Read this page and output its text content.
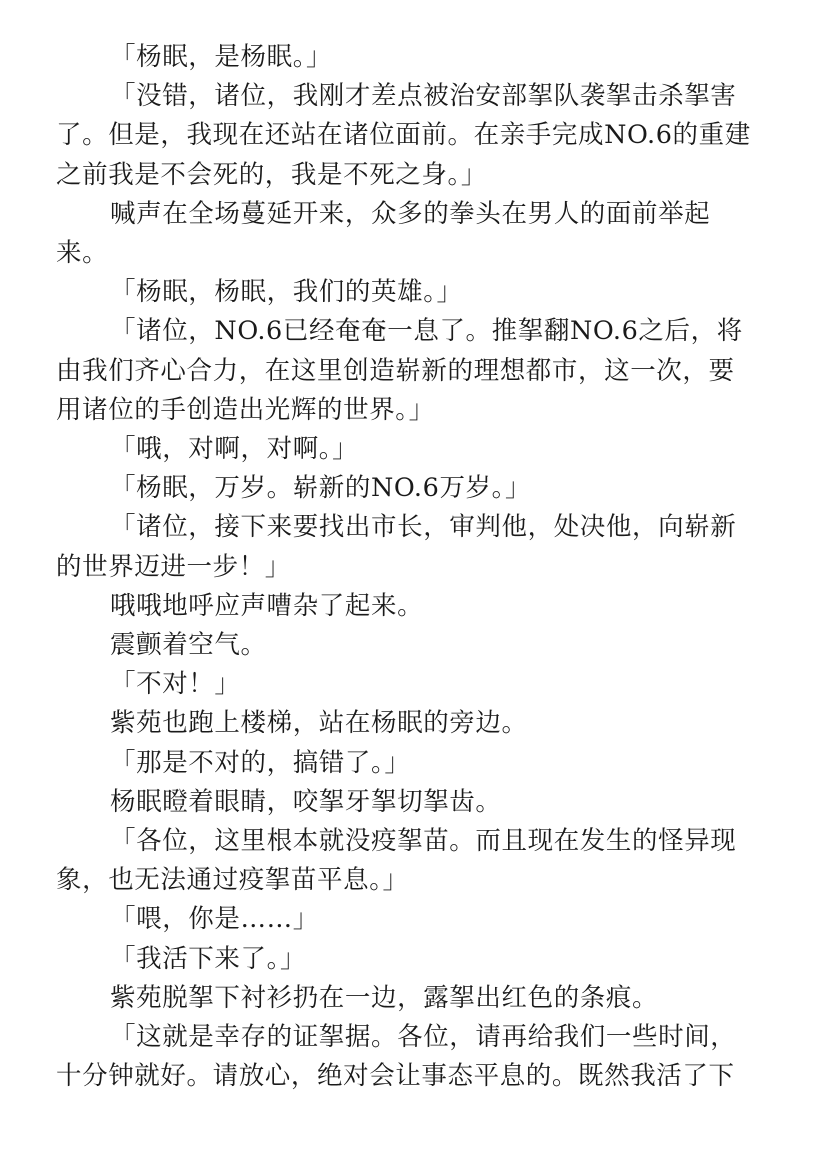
「杨眠，是杨眠。」

「没错，诸位，我刚才差点被治安部挐队袭挐击杀挐害了。但是，我现在还站在诸位面前。在亲手完成NO.6的重建之前我是不会死的，我是不死之身。」

喊声在全场蔓延开来，众多的拳头在男人的面前举起来。

「杨眠，杨眠，我们的英雄。」

「诸位，NO.6已经奄奄一息了。推挐翻NO.6之后，将由我们齐心合力，在这里创造崭新的理想都市，这一次，要用诸位的手创造出光辉的世界。」

「哦，对啊，对啊。」

「杨眠，万岁。崭新的NO.6万岁。」

「诸位，接下来要找出市长，审判他，处决他，向崭新的世界迈进一步！」

哦哦地呼应声嘈杂了起来。

震颤着空气。

「不对！」

紫苑也跑上楼梯，站在杨眠的旁边。

「那是不对的，搞错了。」

杨眠瞪着眼睛，咬挐牙挐切挐齿。

「各位，这里根本就没疫挐苗。而且现在发生的怪异现象，也无法通过疫挐苗平息。」

「喂，你是……」

「我活下来了。」

紫苑脱挐下衬衫扔在一边，露挐出红色的条痕。

「这就是幸存的证挐据。各位，请再给我们一些时间，十分钟就好。请放心，绝对会让事态平息的。既然我活了下
